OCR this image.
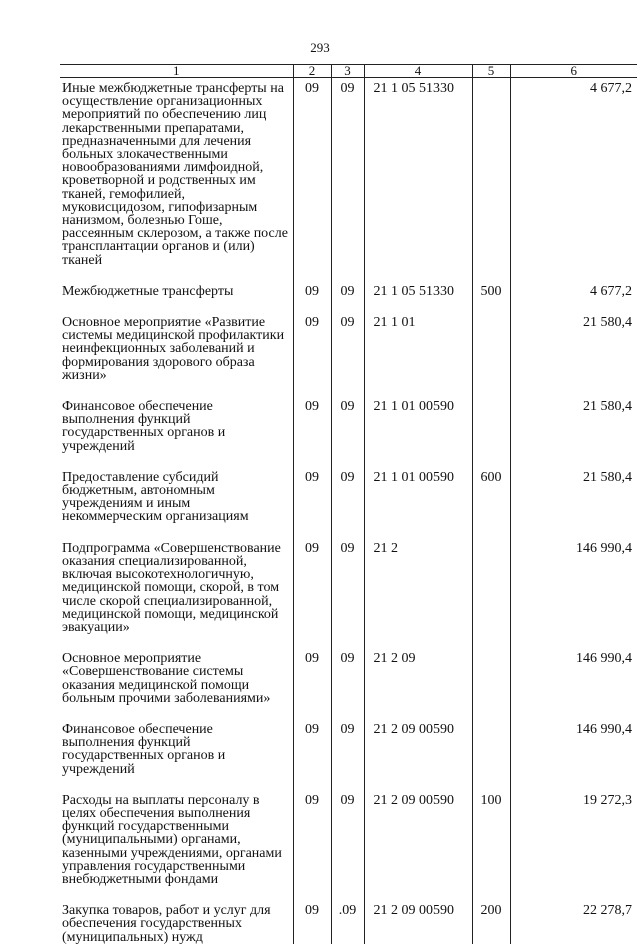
293
1	2	3	4	5	6
Иные межбюджетные трансферты на осуществление организационных мероприятий по обеспечению лиц лекарственными препаратами, предназначенными для лечения больных злокачественными новообразованиями лимфоидной, кроветворной и родственных им тканей, гемофилией, муковисцидозом, гипофизарным нанизмом, болезнью Гоше, рассеянным склерозом, а также после трансплантации органов и (или) тканей	09	09	21 1 05 51330		4 677,2

Межбюджетные трансферты	09	09	21 1 05 51330	500	4 677,2

Основное мероприятие «Развитие системы медицинской профилактики неинфекционных заболеваний и формирования здорового образа жизни»	09	09	21 1 01		21 580,4

Финансовое обеспечение выполнения функций государственных органов и учреждений	09	09	21 1 01 00590		21 580,4

Предоставление субсидий бюджетным, автономным учреждениям и иным некоммерческим организациям	09	09	21 1 01 00590	600	21 580,4

Подпрограмма «Совершенствование оказания специализированной, включая высокотехнологичную, медицинской помощи, скорой, в том числе скорой специализированной, медицинской помощи, медицинской эвакуации»	09	09	21 2		146 990,4

Основное мероприятие «Совершенствование системы оказания медицинской помощи больным прочими заболеваниями»	09	09	21 2 09		146 990,4

Финансовое обеспечение выполнения функций государственных органов и учреждений	09	09	21 2 09 00590		146 990,4

Расходы на выплаты персоналу в целях обеспечения выполнения функций государственными (муниципальными) органами, казенными учреждениями, органами управления государственными внебюджетными фондами	09	09	21 2 09 00590	100	19 272,3

Закупка товаров, работ и услуг для обеспечения государственных (муниципальных) нужд	09	.09	21 2 09 00590	200	22 278,7
